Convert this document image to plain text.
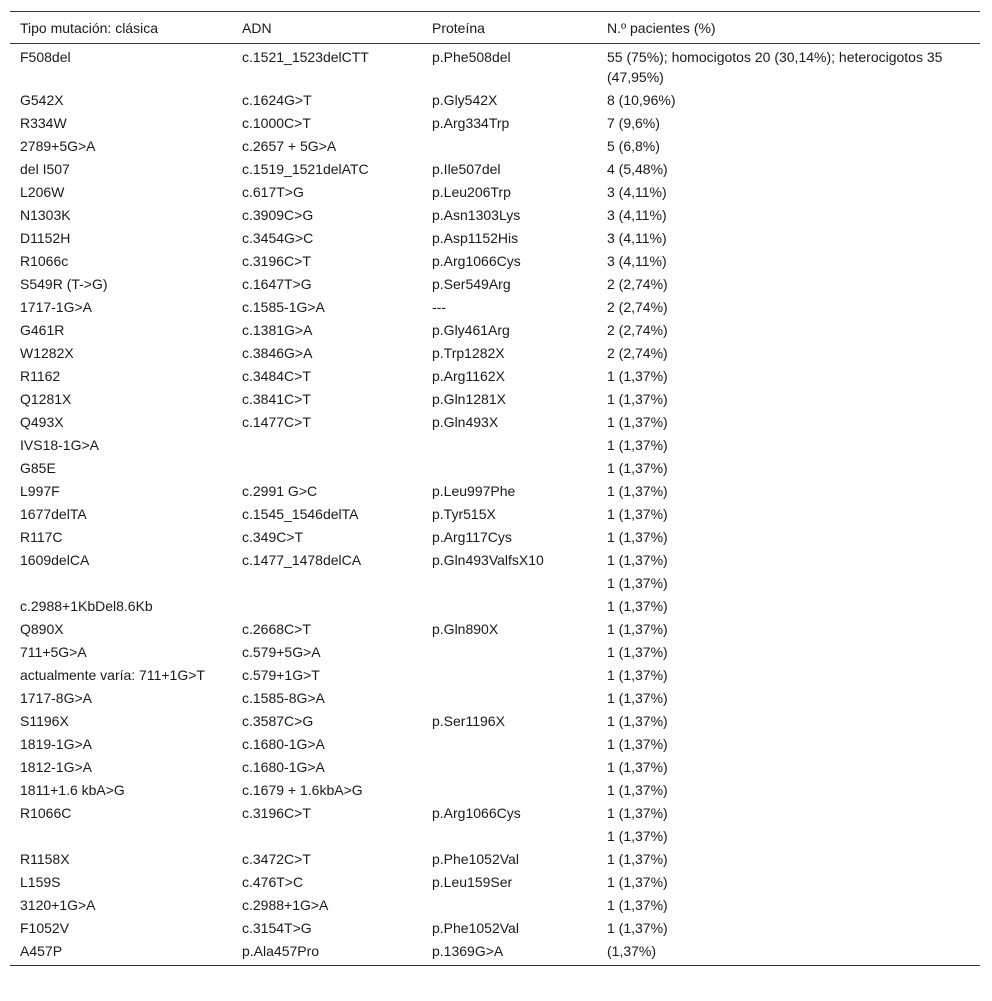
Tipo mutación: clásica	ADN	Proteína	N.º pacientes (%)
F508del	c.1521_1523delCTT	p.Phe508del	55 (75%); homocigotos 20 (30,14%); heterocigotos 35 (47,95%)
G542X	c.1624G>T	p.Gly542X	8 (10,96%)
R334W	c.1000C>T	p.Arg334Trp	7 (9,6%)
2789+5G>A	c.2657 + 5G>A		5 (6,8%)
del I507	c.1519_1521delATC	p.Ile507del	4 (5,48%)
L206W	c.617T>G	p.Leu206Trp	3 (4,11%)
N1303K	c.3909C>G	p.Asn1303Lys	3 (4,11%)
D1152H	c.3454G>C	p.Asp1152His	3 (4,11%)
R1066c	c.3196C>T	p.Arg1066Cys	3 (4,11%)
S549R (T->G)	c.1647T>G	p.Ser549Arg	2 (2,74%)
1717-1G>A	c.1585-1G>A	---	2 (2,74%)
G461R	c.1381G>A	p.Gly461Arg	2 (2,74%)
W1282X	c.3846G>A	p.Trp1282X	2 (2,74%)
R1162	c.3484C>T	p.Arg1162X	1 (1,37%)
Q1281X	c.3841C>T	p.Gln1281X	1 (1,37%)
Q493X	c.1477C>T	p.Gln493X	1 (1,37%)
IVS18-1G>A			1 (1,37%)
G85E			1 (1,37%)
L997F	c.2991 G>C	p.Leu997Phe	1 (1,37%)
1677delTA	c.1545_1546delTA	p.Tyr515X	1 (1,37%)
R117C	c.349C>T	p.Arg117Cys	1 (1,37%)
1609delCA	c.1477_1478delCA	p.Gln493ValfsX10	1 (1,37%)
			1 (1,37%)
c.2988+1KbDel8.6Kb			1 (1,37%)
Q890X	c.2668C>T	p.Gln890X	1 (1,37%)
711+5G>A	c.579+5G>A		1 (1,37%)
actualmente varía: 711+1G>T	c.579+1G>T		1 (1,37%)
1717-8G>A	c.1585-8G>A		1 (1,37%)
S1196X	c.3587C>G	p.Ser1196X	1 (1,37%)
1819-1G>A	c.1680-1G>A		1 (1,37%)
1812-1G>A	c.1680-1G>A		1 (1,37%)
1811+1.6 kbA>G	c.1679 + 1.6kbA>G		1 (1,37%)
R1066C	c.3196C>T	p.Arg1066Cys	1 (1,37%)
			1 (1,37%)
R1158X	c.3472C>T	p.Phe1052Val	1 (1,37%)
L159S	c.476T>C	p.Leu159Ser	1 (1,37%)
3120+1G>A	c.2988+1G>A		1 (1,37%)
F1052V	c.3154T>G	p.Phe1052Val	1 (1,37%)
A457P	p.Ala457Pro	p.1369G>A	(1,37%)
